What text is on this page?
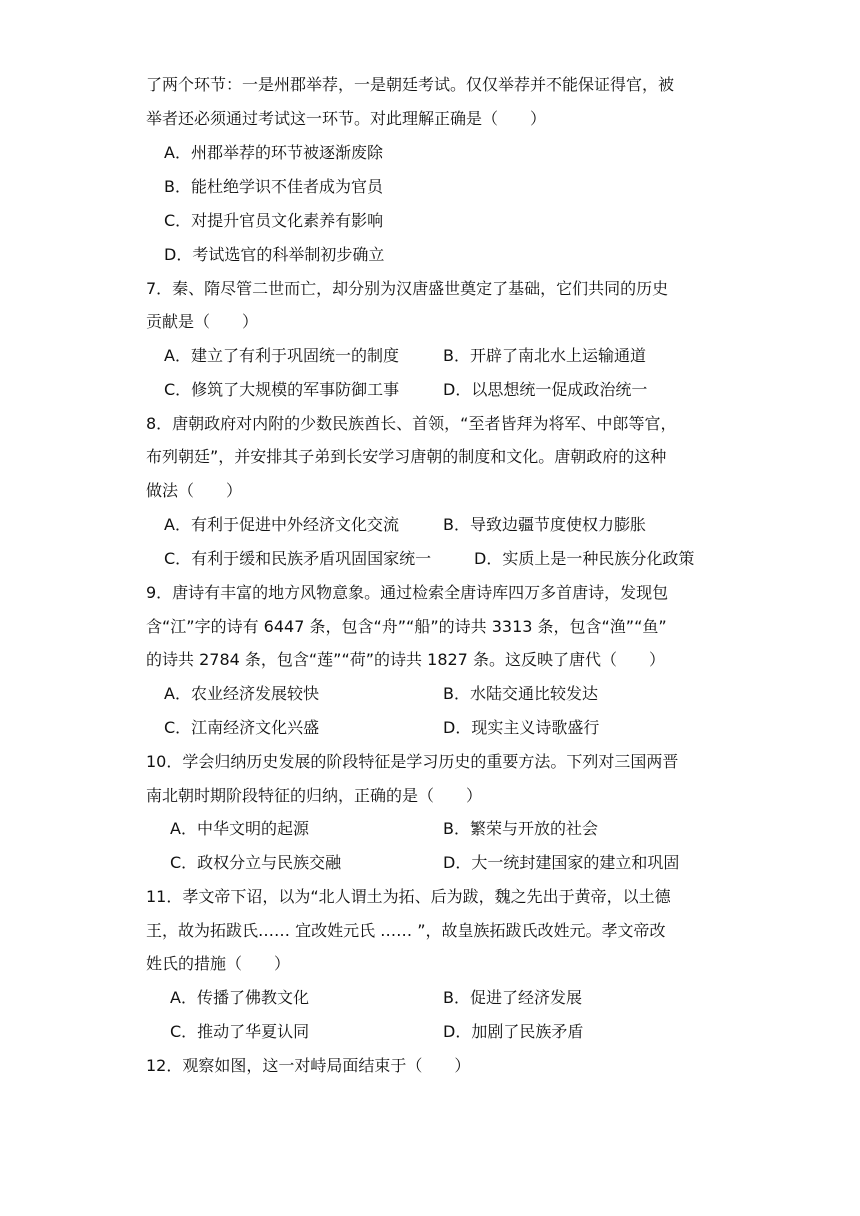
了两个环节：一是州郡举荐，一是朝廷考试。仅仅举荐并不能保证得官，被
举者还必须通过考试这一环节。对此理解正确是（　　）
A．州郡举荐的环节被逐渐废除
B．能杜绝学识不佳者成为官员
C．对提升官员文化素养有影响
D．考试选官的科举制初步确立
7．秦、隋尽管二世而亡，却分别为汉唐盛世奠定了基础，它们共同的历史
贡献是（　　）
A．建立了有利于巩固统一的制度	B．开辟了南北水上运输通道
C．修筑了大规模的军事防御工事	D．以思想统一促成政治统一
8．唐朝政府对内附的少数民族酋长、首领，“至者皆拜为将军、中郎等官，
布列朝廷”，并安排其子弟到长安学习唐朝的制度和文化。唐朝政府的这种
做法（　　）
A．有利于促进中外经济文化交流	B．导致边疆节度使权力膨胀
C．有利于缓和民族矛盾巩固国家统一	D．实质上是一种民族分化政策
9．唐诗有丰富的地方风物意象。通过检索全唐诗库四万多首唐诗，发现包
含“江”字的诗有 6447 条，包含“舟”“船”的诗共 3313 条，包含“渔”“鱼”
的诗共 2784 条，包含“莲”“荷”的诗共 1827 条。这反映了唐代（　　）
A．农业经济发展较快	B．水陆交通比较发达
C．江南经济文化兴盛	D．现实主义诗歌盛行
10．学会归纳历史发展的阶段特征是学习历史的重要方法。下列对三国两晋
南北朝时期阶段特征的归纳，正确的是（　　）
A．中华文明的起源	B．繁荣与开放的社会
C．政权分立与民族交融	D．大一统封建国家的建立和巩固
11．孝文帝下诏，以为“北人谓土为拓、后为跋，魏之先出于黄帝，以土德
王，故为拓跋氏…… 宜改姓元氏 …… ”，故皇族拓跋氏改姓元。孝文帝改
姓氏的措施（　　）
A．传播了佛教文化	B．促进了经济发展
C．推动了华夏认同	D．加剧了民族矛盾
12．观察如图，这一对峙局面结束于（　　）
